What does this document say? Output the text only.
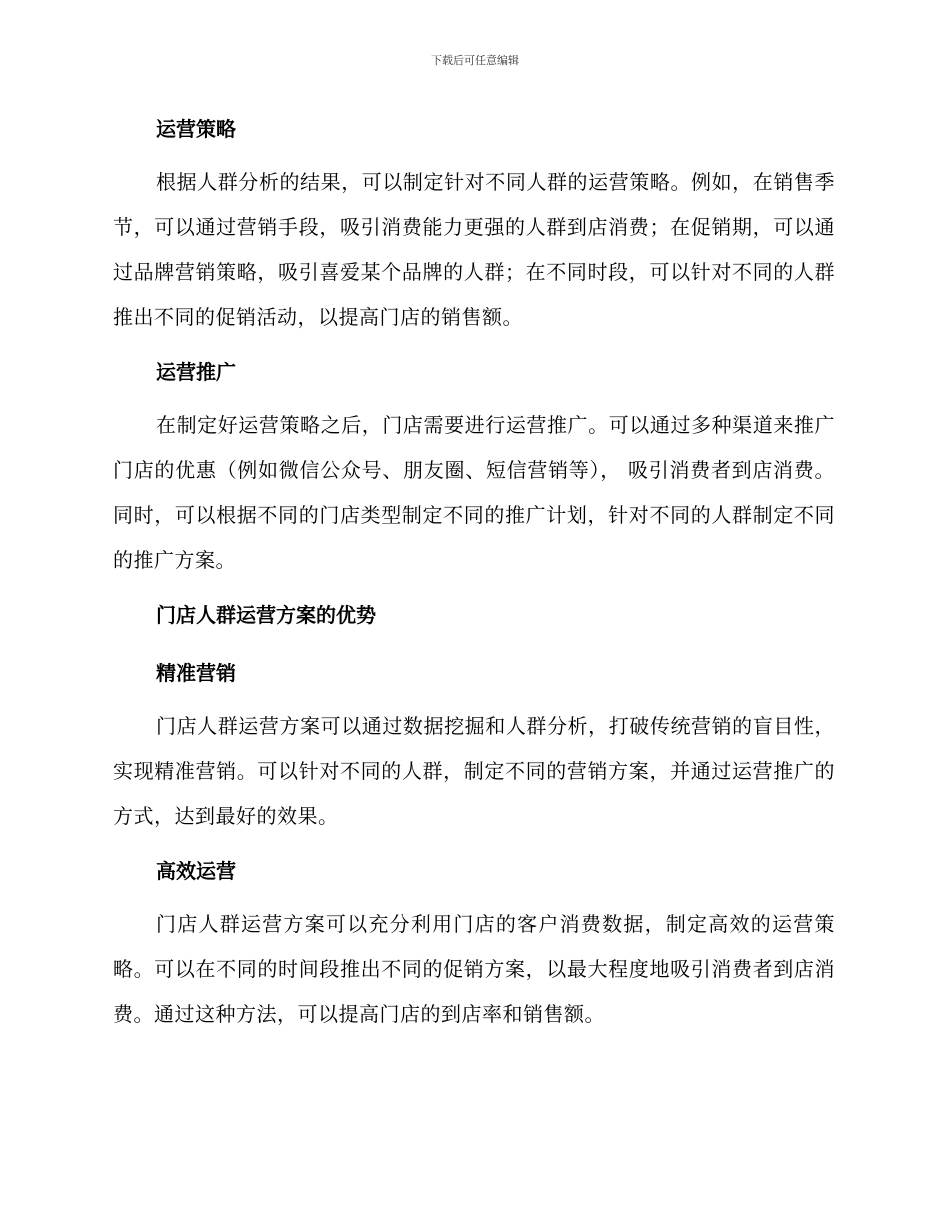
下载后可任意编辑
运营策略

根据人群分析的结果，可以制定针对不同人群的运营策略。例如，在销售季节，可以通过营销手段，吸引消费能力更强的人群到店消费；在促销期，可以通过品牌营销策略，吸引喜爱某个品牌的人群；在不同时段，可以针对不同的人群推出不同的促销活动，以提高门店的销售额。

运营推广

在制定好运营策略之后，门店需要进行运营推广。可以通过多种渠道来推广门店的优惠（例如微信公众号、朋友圈、短信营销等）， 吸引消费者到店消费。同时，可以根据不同的门店类型制定不同的推广计划，针对不同的人群制定不同的推广方案。

门店人群运营方案的优势
精准营销

门店人群运营方案可以通过数据挖掘和人群分析，打破传统营销的盲目性，实现精准营销。可以针对不同的人群，制定不同的营销方案，并通过运营推广的方式，达到最好的效果。

高效运营

门店人群运营方案可以充分利用门店的客户消费数据，制定高效的运营策略。可以在不同的时间段推出不同的促销方案，以最大程度地吸引消费者到店消费。通过这种方法，可以提高门店的到店率和销售额。
